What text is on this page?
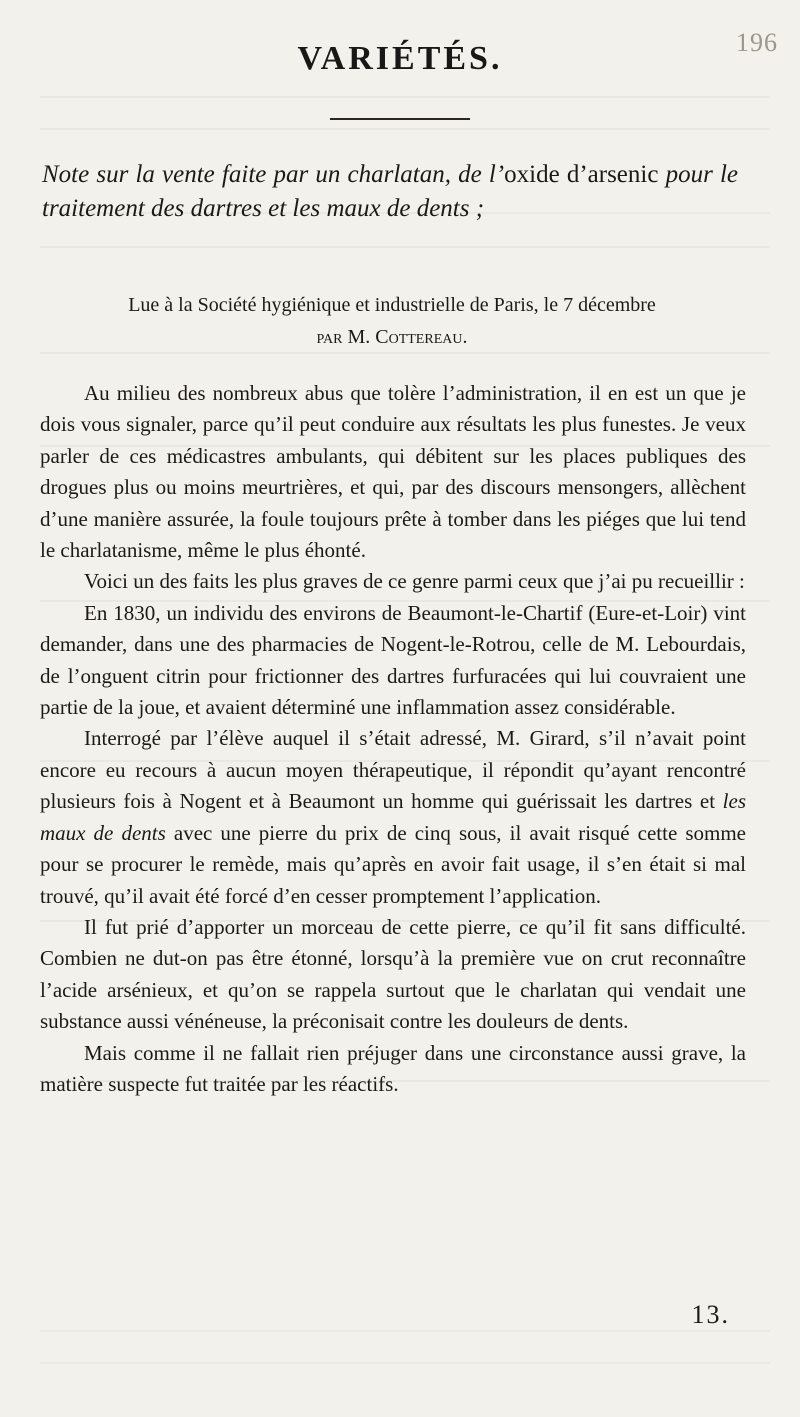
196
VARIÉTÉS.
Note sur la vente faite par un charlatan, de l’oxide d’arsenic pour le traitement des dartres et les maux de dents ;
Lue à la Société hygiénique et industrielle de Paris, le 7 décembre
par M. Cottereau.

Au milieu des nombreux abus que tolère l’administration, il en est un que je dois vous signaler, parce qu’il peut conduire aux résultats les plus funestes. Je veux parler de ces médicastres ambulants, qui débitent sur les places publiques des drogues plus ou moins meurtrières, et qui, par des discours mensongers, allèchent d’une manière assurée, la foule toujours prête à tomber dans les piéges que lui tend le charlatanisme, même le plus éhonté.

Voici un des faits les plus graves de ce genre parmi ceux que j’ai pu recueillir :

En 1830, un individu des environs de Beaumont-le-Chartif (Eure-et-Loir) vint demander, dans une des pharmacies de Nogent-le-Rotrou, celle de M. Lebourdais, de l’onguent citrin pour frictionner des dartres furfuracées qui lui couvraient une partie de la joue, et avaient déterminé une inflammation assez considérable.

Interrogé par l’élève auquel il s’était adressé, M. Girard, s’il n’avait point encore eu recours à aucun moyen thérapeutique, il répondit qu’ayant rencontré plusieurs fois à Nogent et à Beaumont un homme qui guérissait les dartres et les maux de dents avec une pierre du prix de cinq sous, il avait risqué cette somme pour se procurer le remède, mais qu’après en avoir fait usage, il s’en était si mal trouvé, qu’il avait été forcé d’en cesser promptement l’application.

Il fut prié d’apporter un morceau de cette pierre, ce qu’il fit sans difficulté. Combien ne dut-on pas être étonné, lorsqu’à la première vue on crut reconnaître l’acide arsénieux, et qu’on se rappela surtout que le charlatan qui vendait une substance aussi vénéneuse, la préconisait contre les douleurs de dents.

Mais comme il ne fallait rien préjuger dans une circonstance aussi grave, la matière suspecte fut traitée par les réactifs.

13.
